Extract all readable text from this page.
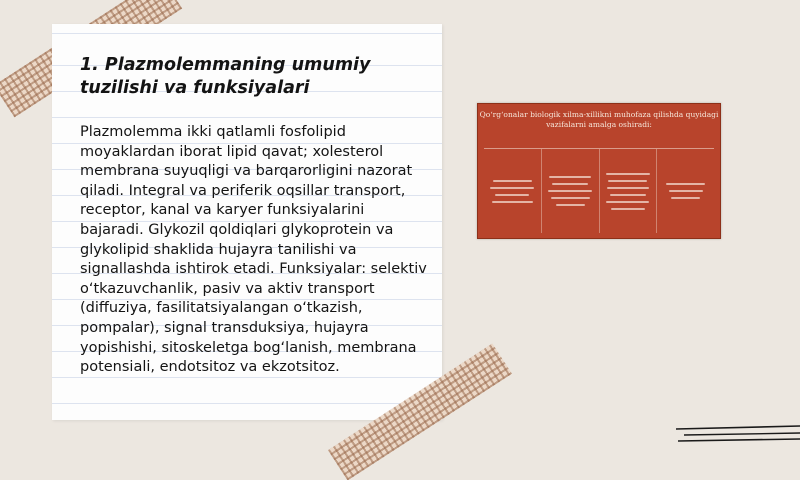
1. Plazmolemmaning umumiy tuzilishi va funksiyalari

Plazmolemma ikki qatlamli fosfolipid moyaklardan iborat lipid qavat; xolesterol membrana suyuqligi va barqarorligini nazorat qiladi. Integral va periferik oqsillar transport, receptor, kanal va karyer funksiyalarini bajaradi. Glykozil qoldiqlari glykoprotein va glykolipid shaklida hujayra tanilishi va signallashda ishtirok etadi. Funksiyalar: selektiv o‘tkazuvchanlik, pasiv va aktiv transport (diffuziya, fasilitatsiyalangan o‘tkazish, pompalar), signal transduksiya, hujayra yopishishi, sitoskeletga bog‘lanish, membrana potensiali, endotsitoz va ekzotsitoz.

Qo‘rg‘onalar biologik xilma-xillikni muhofaza qilishda quyidagi vazifalarni amalga oshiradi:
